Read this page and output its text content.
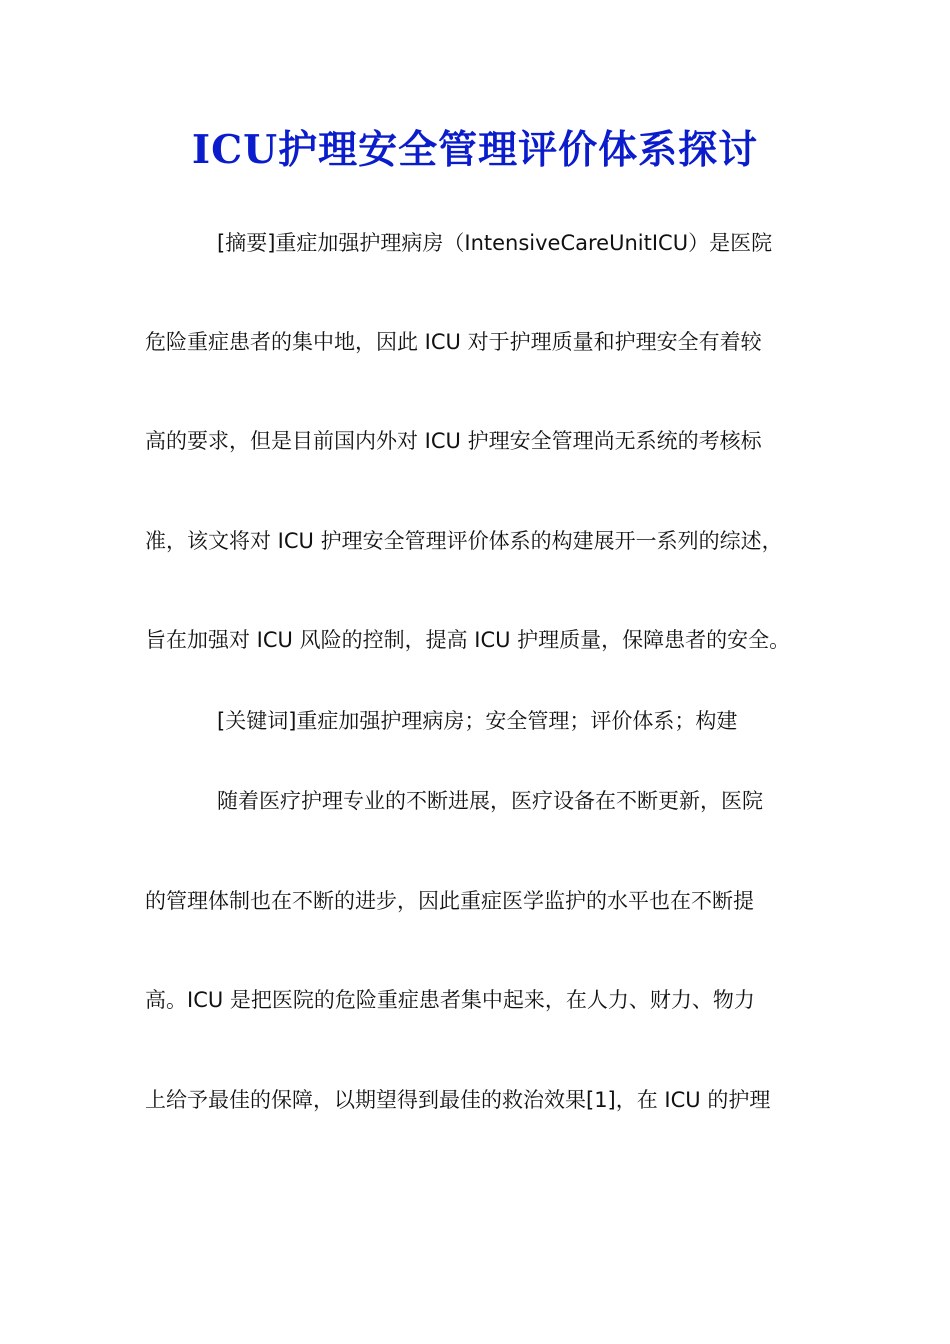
ICU护理安全管理评价体系探讨
[摘要]重症加强护理病房（IntensiveCareUnitICU）是医院
危险重症患者的集中地，因此 ICU 对于护理质量和护理安全有着较
高的要求，但是目前国内外对 ICU 护理安全管理尚无系统的考核标
准，该文将对 ICU 护理安全管理评价体系的构建展开一系列的综述，
旨在加强对 ICU 风险的控制，提高 ICU 护理质量，保障患者的安全。
[关键词]重症加强护理病房；安全管理；评价体系；构建
随着医疗护理专业的不断进展，医疗设备在不断更新，医院
的管理体制也在不断的进步，因此重症医学监护的水平也在不断提
高。ICU 是把医院的危险重症患者集中起来，在人力、财力、物力
上给予最佳的保障，以期望得到最佳的救治效果[1]，在 ICU 的护理
